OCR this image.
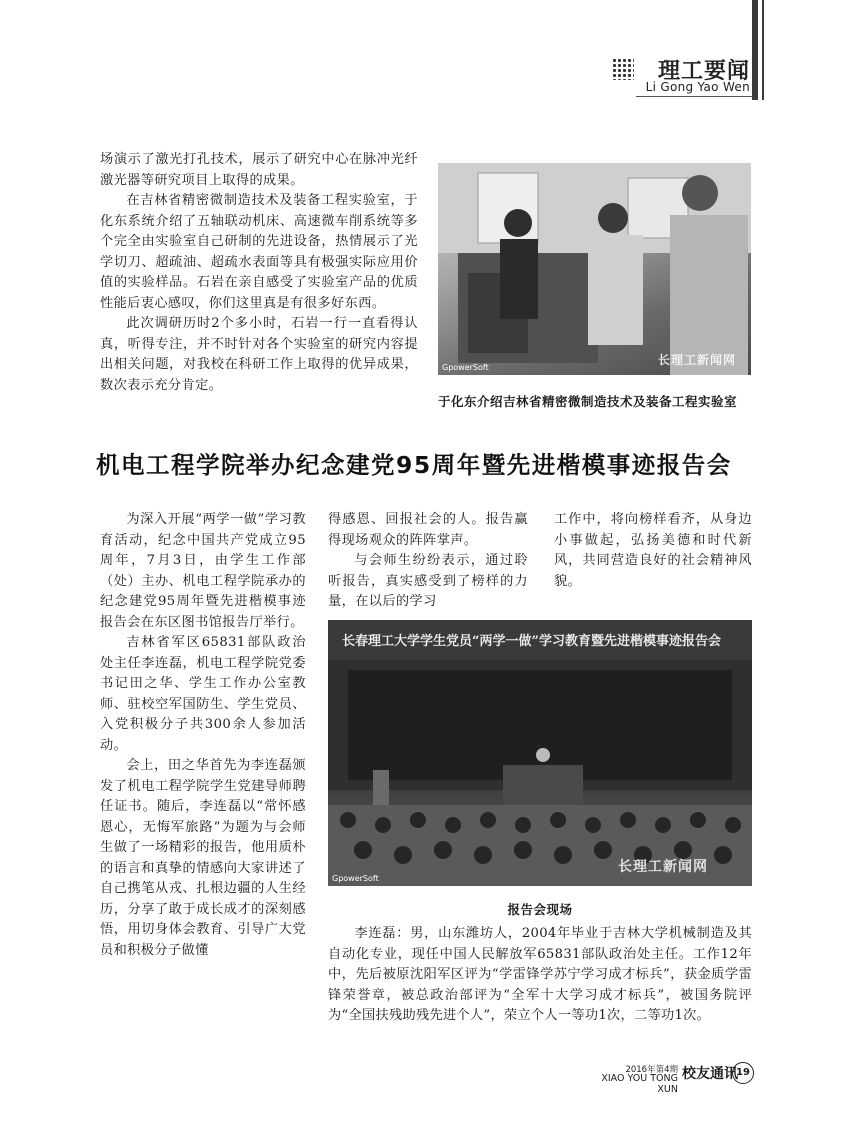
理工要闻
Li Gong Yao Wen

场演示了激光打孔技术，展示了研究中心在脉冲光纤激光器等研究项目上取得的成果。

在吉林省精密微制造技术及装备工程实验室，于化东系统介绍了五轴联动机床、高速微车削系统等多个完全由实验室自己研制的先进设备，热情展示了光学切刀、超疏油、超疏水表面等具有极强实际应用价值的实验样品。石岩在亲自感受了实验室产品的优质性能后衷心感叹，你们这里真是有很多好东西。

此次调研历时2个多小时，石岩一行一直看得认真，听得专注，并不时针对各个实验室的研究内容提出相关问题，对我校在科研工作上取得的优异成果，数次表示充分肯定。

长理工新闻网
GpowerSoft
于化东介绍吉林省精密微制造技术及装备工程实验室
机电工程学院举办纪念建党95周年暨先进楷模事迹报告会

为深入开展“两学一做”学习教育活动，纪念中国共产党成立95周年，7月3日，由学生工作部（处）主办、机电工程学院承办的纪念建党95周年暨先进楷模事迹报告会在东区图书馆报告厅举行。

吉林省军区65831部队政治处主任李连磊，机电工程学院党委书记田之华、学生工作办公室教师、驻校空军国防生、学生党员、入党积极分子共300余人参加活动。

会上，田之华首先为李连磊颁发了机电工程学院学生党建导师聘任证书。随后，李连磊以“常怀感恩心，无悔军旅路”为题为与会师生做了一场精彩的报告，他用质朴的语言和真挚的情感向大家讲述了自己携笔从戎、扎根边疆的人生经历，分享了敢于成长成才的深刻感悟，用切身体会教育、引导广大党员和积极分子做懂

得感恩、回报社会的人。报告赢得现场观众的阵阵掌声。

与会师生纷纷表示，通过聆听报告，真实感受到了榜样的力量，在以后的学习

工作中，将向榜样看齐，从身边小事做起，弘扬美德和时代新风，共同营造良好的社会精神风貌。

长春理工大学学生党员“两学一做”学习教育暨先进楷模事迹报告会
长理工新闻网
GpowerSoft
报告会现场

李连磊：男，山东潍坊人，2004年毕业于吉林大学机械制造及其自动化专业，现任中国人民解放军65831部队政治处主任。工作12年中，先后被原沈阳军区评为“学雷锋学苏宁学习成才标兵”，获金质学雷锋荣誉章，被总政治部评为“全军十大学习成才标兵”，被国务院评为“全国扶残助残先进个人”，荣立个人一等功1次，二等功1次。

2016年第4期
XIAO YOU TONG XUN
校友通讯
19
